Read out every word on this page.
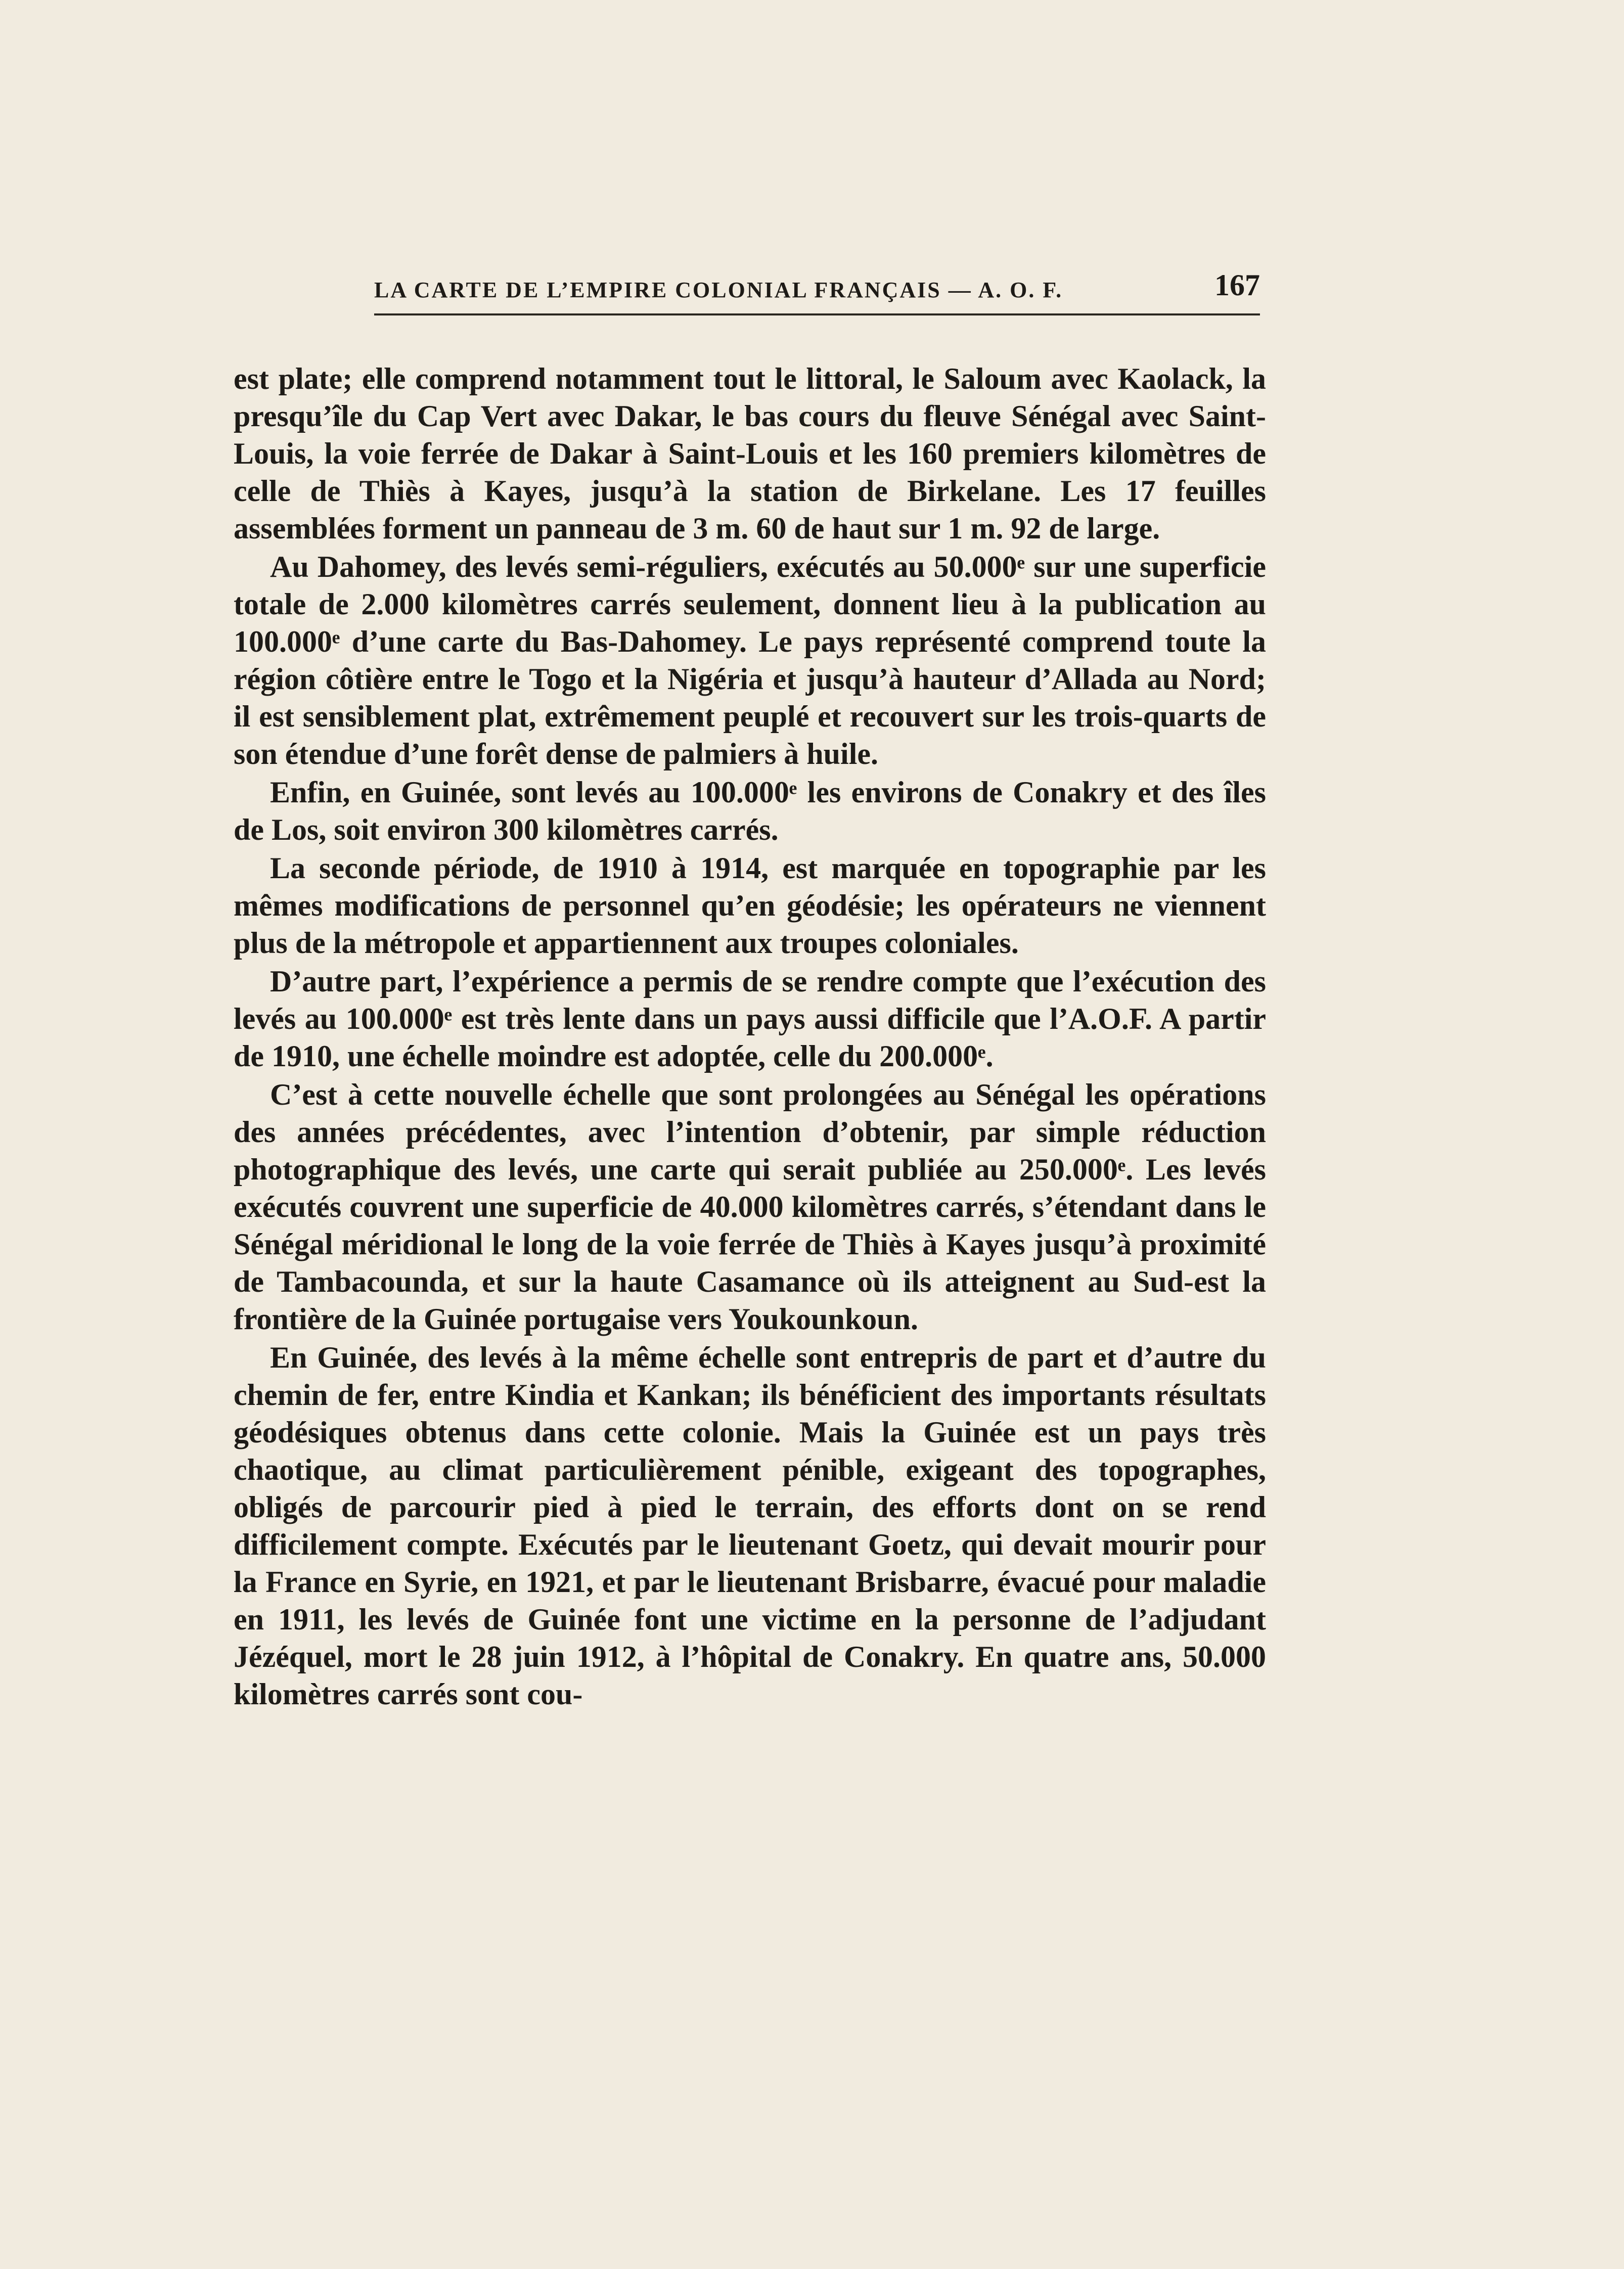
LA CARTE DE L’EMPIRE COLONIAL FRANÇAIS — A. O. F.	167

est plate; elle comprend notamment tout le littoral, le Saloum avec Kaolack, la presqu’île du Cap Vert avec Dakar, le bas cours du fleuve Sénégal avec Saint-Louis, la voie ferrée de Dakar à Saint-Louis et les 160 premiers kilomètres de celle de Thiès à Kayes, jusqu’à la station de Birkelane. Les 17 feuilles assemblées forment un panneau de 3 m. 60 de haut sur 1 m. 92 de large.

Au Dahomey, des levés semi-réguliers, exécutés au 50.000ᵉ sur une superficie totale de 2.000 kilomètres carrés seulement, donnent lieu à la publication au 100.000ᵉ d’une carte du Bas-Dahomey. Le pays représenté comprend toute la région côtière entre le Togo et la Nigéria et jusqu’à hauteur d’Allada au Nord; il est sensiblement plat, extrêmement peuplé et recouvert sur les trois-quarts de son étendue d’une forêt dense de palmiers à huile.

Enfin, en Guinée, sont levés au 100.000ᵉ les environs de Conakry et des îles de Los, soit environ 300 kilomètres carrés.

La seconde période, de 1910 à 1914, est marquée en topographie par les mêmes modifications de personnel qu’en géodésie; les opérateurs ne viennent plus de la métropole et appartiennent aux troupes coloniales.

D’autre part, l’expérience a permis de se rendre compte que l’exécution des levés au 100.000ᵉ est très lente dans un pays aussi difficile que l’A.O.F. A partir de 1910, une échelle moindre est adoptée, celle du 200.000ᵉ.

C’est à cette nouvelle échelle que sont prolongées au Sénégal les opérations des années précédentes, avec l’intention d’obtenir, par simple réduction photographique des levés, une carte qui serait publiée au 250.000ᵉ. Les levés exécutés couvrent une superficie de 40.000 kilomètres carrés, s’étendant dans le Sénégal méridional le long de la voie ferrée de Thiès à Kayes jusqu’à proximité de Tambacounda, et sur la haute Casamance où ils atteignent au Sud-est la frontière de la Guinée portugaise vers Youkounkoun.

En Guinée, des levés à la même échelle sont entrepris de part et d’autre du chemin de fer, entre Kindia et Kankan; ils bénéficient des importants résultats géodésiques obtenus dans cette colonie. Mais la Guinée est un pays très chaotique, au climat particulièrement pénible, exigeant des topographes, obligés de parcourir pied à pied le terrain, des efforts dont on se rend difficilement compte. Exécutés par le lieutenant Goetz, qui devait mourir pour la France en Syrie, en 1921, et par le lieutenant Brisbarre, évacué pour maladie en 1911, les levés de Guinée font une victime en la personne de l’adjudant Jézéquel, mort le 28 juin 1912, à l’hôpital de Conakry. En quatre ans, 50.000 kilomètres carrés sont cou-
